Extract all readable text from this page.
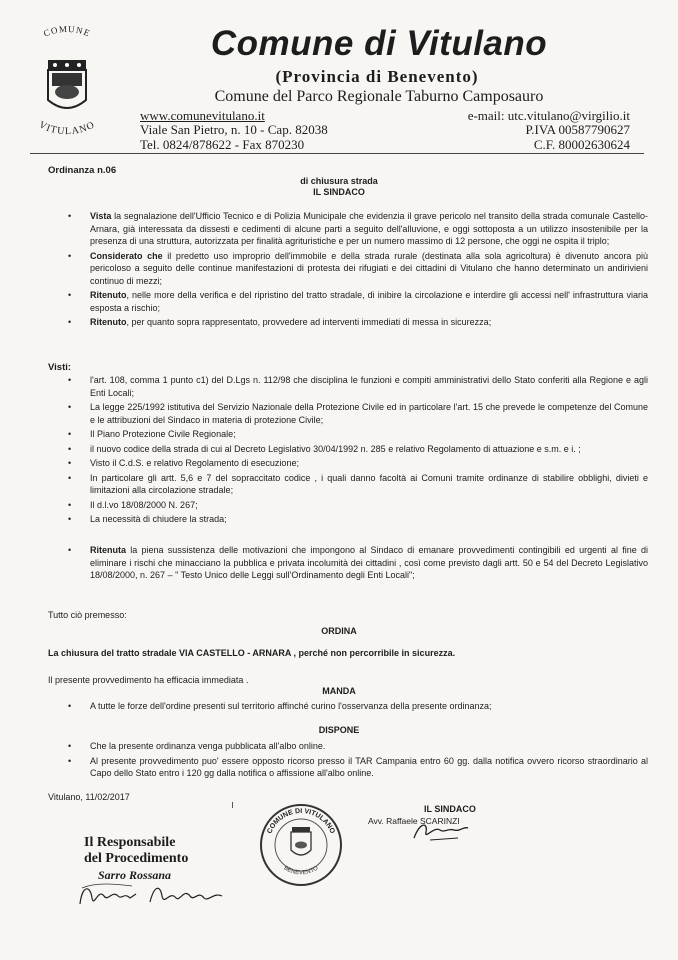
COMUNE
VITULANO
Comune di Vitulano
(Provincia di Benevento)
Comune del Parco Regionale Taburno Camposauro
www.comunevitulano.it	e-mail: utc.vitulano@virgilio.it
Viale San Pietro, n. 10 - Cap. 82038	P.IVA 00587790627
Tel. 0824/878622 - Fax 870230	C.F. 80002630624
Ordinanza n.06
di chiusura strada
IL SINDACO
• Vista la segnalazione dell'Ufficio Tecnico e di Polizia Municipale che evidenzia il grave pericolo nel transito della strada comunale Castello-Arnara, già interessata da dissesti e cedimenti di alcune parti a seguito dell'alluvione, e oggi sottoposta a un utilizzo insostenibile per la presenza di una struttura, autorizzata per finalità agrituristiche e per un numero massimo di 12 persone, che oggi ne ospita il triplo;
• Considerato che il predetto uso improprio dell'immobile e della strada rurale (destinata alla sola agricoltura) è divenuto ancora più pericoloso a seguito delle continue manifestazioni di protesta dei rifugiati e dei cittadini di Vitulano che hanno determinato un andirivieni continuo di mezzi;
• Ritenuto, nelle more della verifica e del ripristino del tratto stradale, di inibire la circolazione e interdire gli accessi nell' infrastruttura viaria esposta a rischio;
• Ritenuto, per quanto sopra rappresentato, provvedere ad interventi immediati di messa in sicurezza;
Visti:
• l'art. 108, comma 1 punto c1) del D.Lgs n. 112/98 che disciplina le funzioni e compiti amministrativi dello Stato conferiti alla Regione e agli Enti Locali;
• La legge 225/1992 istitutiva del Servizio Nazionale della Protezione Civile ed in particolare l'art. 15 che prevede le competenze del Comune e le attribuzioni del Sindaco in materia di protezione Civile;
• Il Piano Protezione Civile Regionale;
• il nuovo codice della strada di cui al Decreto Legislativo 30/04/1992 n. 285 e relativo Regolamento di attuazione e s.m. e i. ;
• Visto il C.d.S. e relativo Regolamento di esecuzione;
• In particolare gli artt. 5,6 e 7 del sopraccitato codice , i quali danno facoltà ai Comuni tramite ordinanze di stabilire obblighi, divieti e limitazioni alla circolazione stradale;
• Il d.l.vo 18/08/2000 N. 267;
• La necessità di chiudere la strada;
• Ritenuta la piena sussistenza delle motivazioni che impongono al Sindaco di emanare provvedimenti contingibili ed urgenti al fine di eliminare i rischi che minacciano la pubblica e privata incolumità dei cittadini , così come previsto dagli artt. 50 e 54 del Decreto Legislativo 18/08/2000, n. 267 – " Testo Unico delle Leggi sull'Ordinamento degli Enti Locali";
Tutto ciò premesso:
ORDINA
La chiusura del tratto stradale VIA CASTELLO - ARNARA , perché non percorribile in sicurezza.
Il presente provvedimento ha efficacia immediata .
MANDA
• A tutte le forze dell'ordine presenti sul territorio affinché curino l'osservanza della presente ordinanza;
DISPONE
• Che la presente ordinanza venga pubblicata all'albo online.
• Al presente provvedimento puo' essere opposto ricorso presso il TAR Campania entro 60 gg. dalla notifica ovvero ricorso straordinario al Capo dello Stato entro i 120 gg dalla notifica o affissione all'albo online.
Vitulano, 11/02/2017
IL SINDACO
Avv. Raffaele SCARINZI
COMUNE DI VITULANO
BENEVENTO
Il Responsabile
del Procedimento
Sarro Rossana
